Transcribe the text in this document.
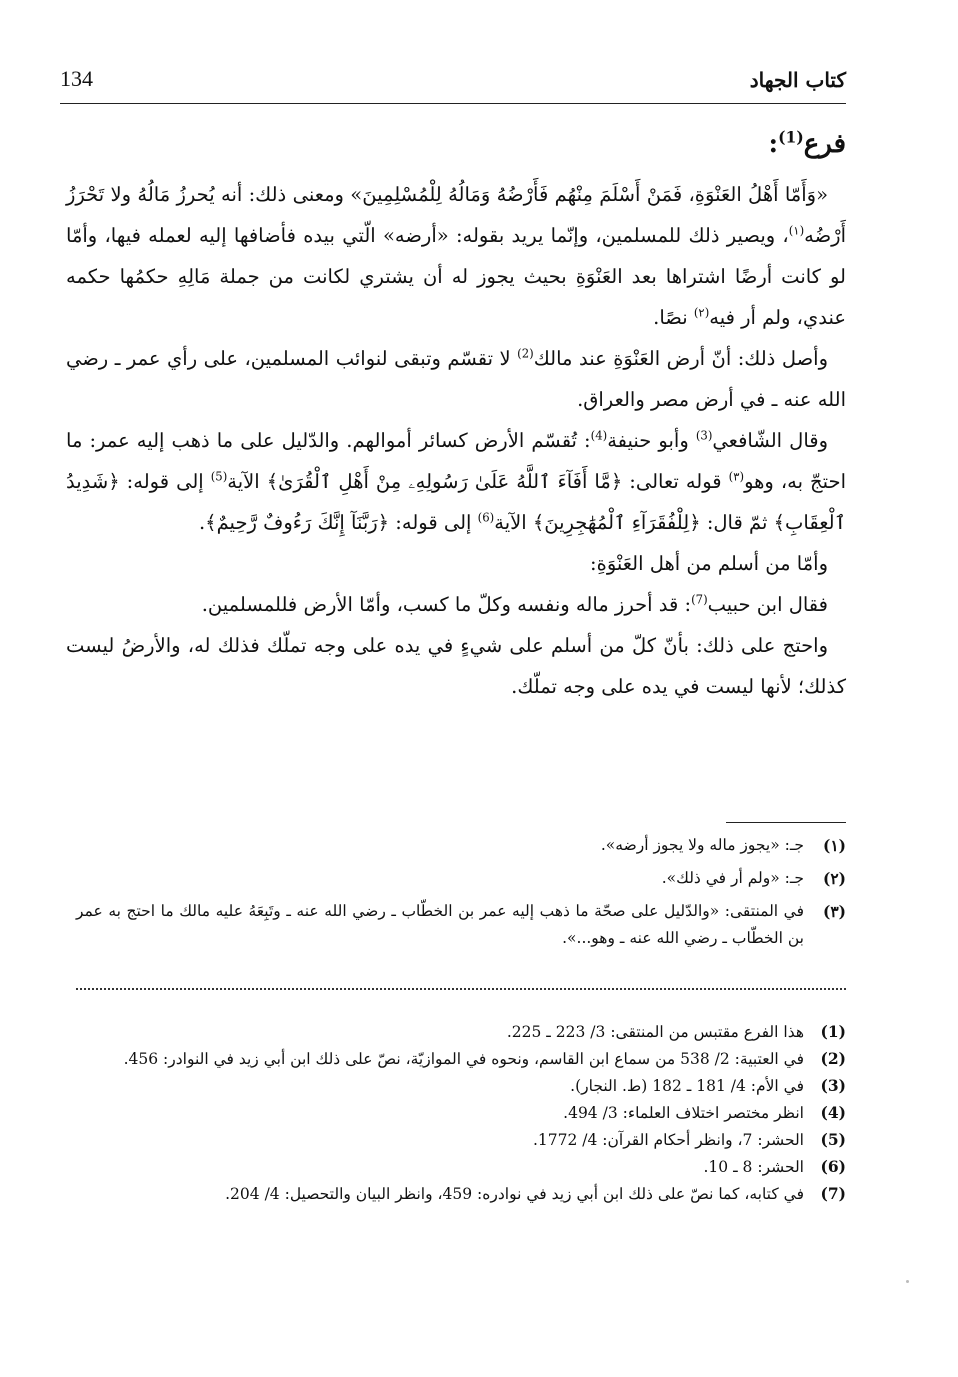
134	كتاب الجهاد

فرع$^{(1)}$:

«وَأَمّا أَهْلُ العَنْوَةِ، فَمَنْ أَسْلَمَ مِنْهُم فَأَرْضُهُ وَمَالُهُ لِلْمُسْلِمِينَ» ومعنى ذلك: أنه يُحرزُ مَالُهُ ولا تَحْرَزُ أَرْضُه$^{(١)}$، ويصير ذلك للمسلمين، وإنّما يريد بقوله: «أرضه» الّتي بيده فأضافها إليه لعمله فيها، وأمّا لو كانت أرضًا اشتراها بعد العَنْوَةِ بحيث يجوز له أن يشتري لكانت من جملة مَالِهِ حكمُها حكمه عندي، ولم أر فيه$^{(٢)}$ نصًا.

وأصل ذلك: أنّ أرض العَنْوَةِ عند مالك$^{(2)}$ لا تقسّم وتبقى لنوائب المسلمين، على رأي عمر ـ رضي الله عنه ـ في أرض مصر والعراق.

وقال الشّافعي$^{(3)}$ وأبو حنيفة$^{(4)}$: تُقسّم الأرض كسائر أموالهم. والدّليل على ما ذهب إليه عمر: ما احتجّ به، وهو$^{(٣)}$ قوله تعالى: ﴿مَّا أَفَآءَ ٱللَّهُ عَلَىٰ رَسُولِهِۦ مِنْ أَهْلِ ٱلْقُرَىٰ﴾ الآية$^{(5)}$ إلى قوله: ﴿شَدِيدُ ٱلْعِقَابِ﴾ ثمّ قال: ﴿لِلْفُقَرَآءِ ٱلْمُهَٰجِرِينَ﴾ الآية$^{(6)}$ إلى قوله: ﴿رَبَّنَآ إِنَّكَ رَءُوفٌ رَّحِيمٌ﴾.

وأمّا من أسلم من أهل العَنْوَةِ:

فقال ابن حبيب$^{(7)}$: قد أحرز ماله ونفسه وكلّ ما كسب، وأمّا الأرض فللمسلمين.

واحتج على ذلك: بأنّ كلّ من أسلم على شيءٍ في يده على وجه تملّك فذلك له، والأرضُ ليست كذلك؛ لأنها ليست في يده على وجه تملّك.

(١)
جـ: «يجوز ماله ولا يجوز أرضه».
(٢)
جـ: «ولم أر في ذلك».
(٣)
في المنتقى: «والدّليل على صحّة ما ذهب إليه عمر بن الخطّاب ـ رضي الله عنه ـ وتَبِعَهُ عليه مالك ما احتج به عمر بن الخطّاب ـ رضي الله عنه ـ وهو...».
(1)
هذا الفرع مقتبس من المنتقى: 3/ 223 ـ 225.
(2)
في العتبية: 2/ 538 من سماع ابن القاسم، ونحوه في الموازيّة، نصّ على ذلك ابن أبي زيد في النوادر: 456.
(3)
في الأم: 4/ 181 ـ 182 (ط. النجار).
(4)
انظر مختصر اختلاف العلماء: 3/ 494.
(5)
الحشر: 7، وانظر أحكام القرآن: 4/ 1772.
(6)
الحشر: 8 ـ 10.
(7)
في كتابه، كما نصّ على ذلك ابن أبي زيد في نوادره: 459، وانظر البيان والتحصيل: 4/ 204.
